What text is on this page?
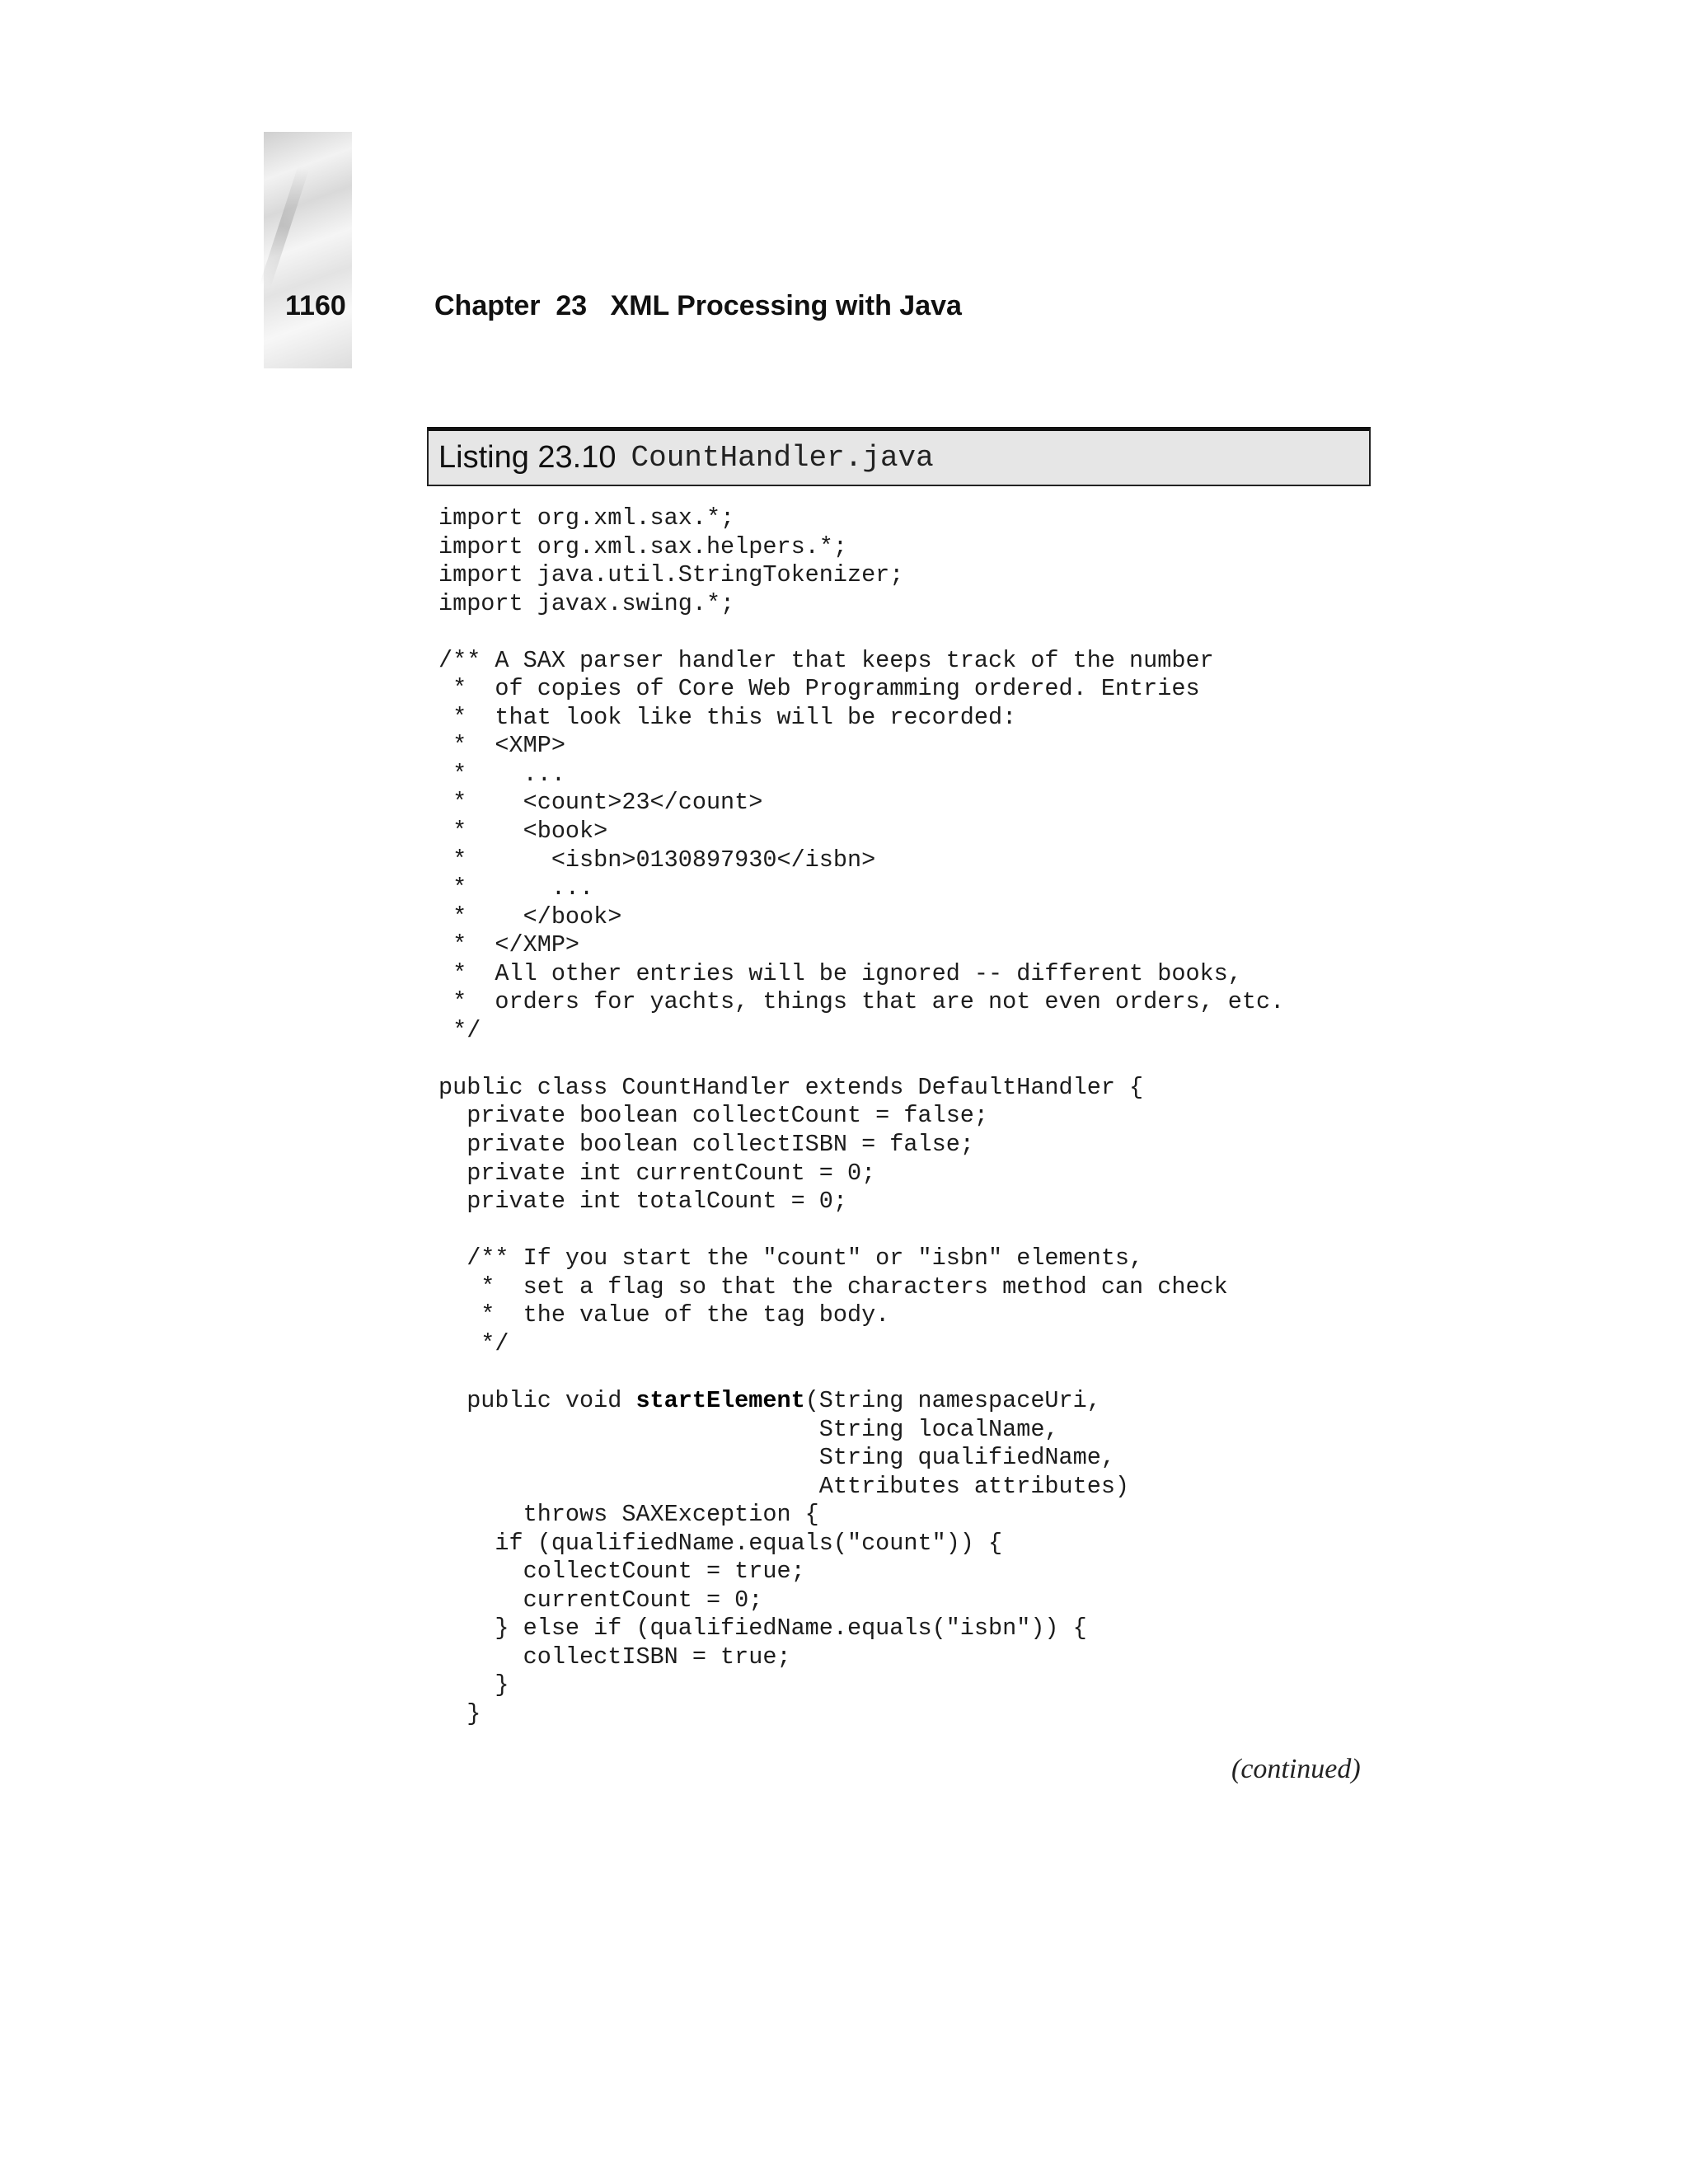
1160	Chapter  23   XML Processing with Java
Listing 23.10 CountHandler.java
import org.xml.sax.*;
import org.xml.sax.helpers.*;
import java.util.StringTokenizer;
import javax.swing.*;

/** A SAX parser handler that keeps track of the number
*  of copies of Core Web Programming ordered. Entries
*  that look like this will be recorded:
*  <XMP>
*    ...
*    <count>23</count>
*    <book>
*      <isbn>0130897930</isbn>
*      ...
*    </book>
*  </XMP>
*  All other entries will be ignored -- different books,
*  orders for yachts, things that are not even orders, etc.
*/

public class CountHandler extends DefaultHandler {
private boolean collectCount = false;
private boolean collectISBN = false;
private int currentCount = 0;
private int totalCount = 0;

/** If you start the "count" or "isbn" elements,
*  set a flag so that the characters method can check
*  the value of the tag body.
*/

public void startElement(String namespaceUri,
String localName,
String qualifiedName,
Attributes attributes)
throws SAXException {
if (qualifiedName.equals("count")) {
collectCount = true;
currentCount = 0;
} else if (qualifiedName.equals("isbn")) {
collectISBN = true;
}
}
(continued)
